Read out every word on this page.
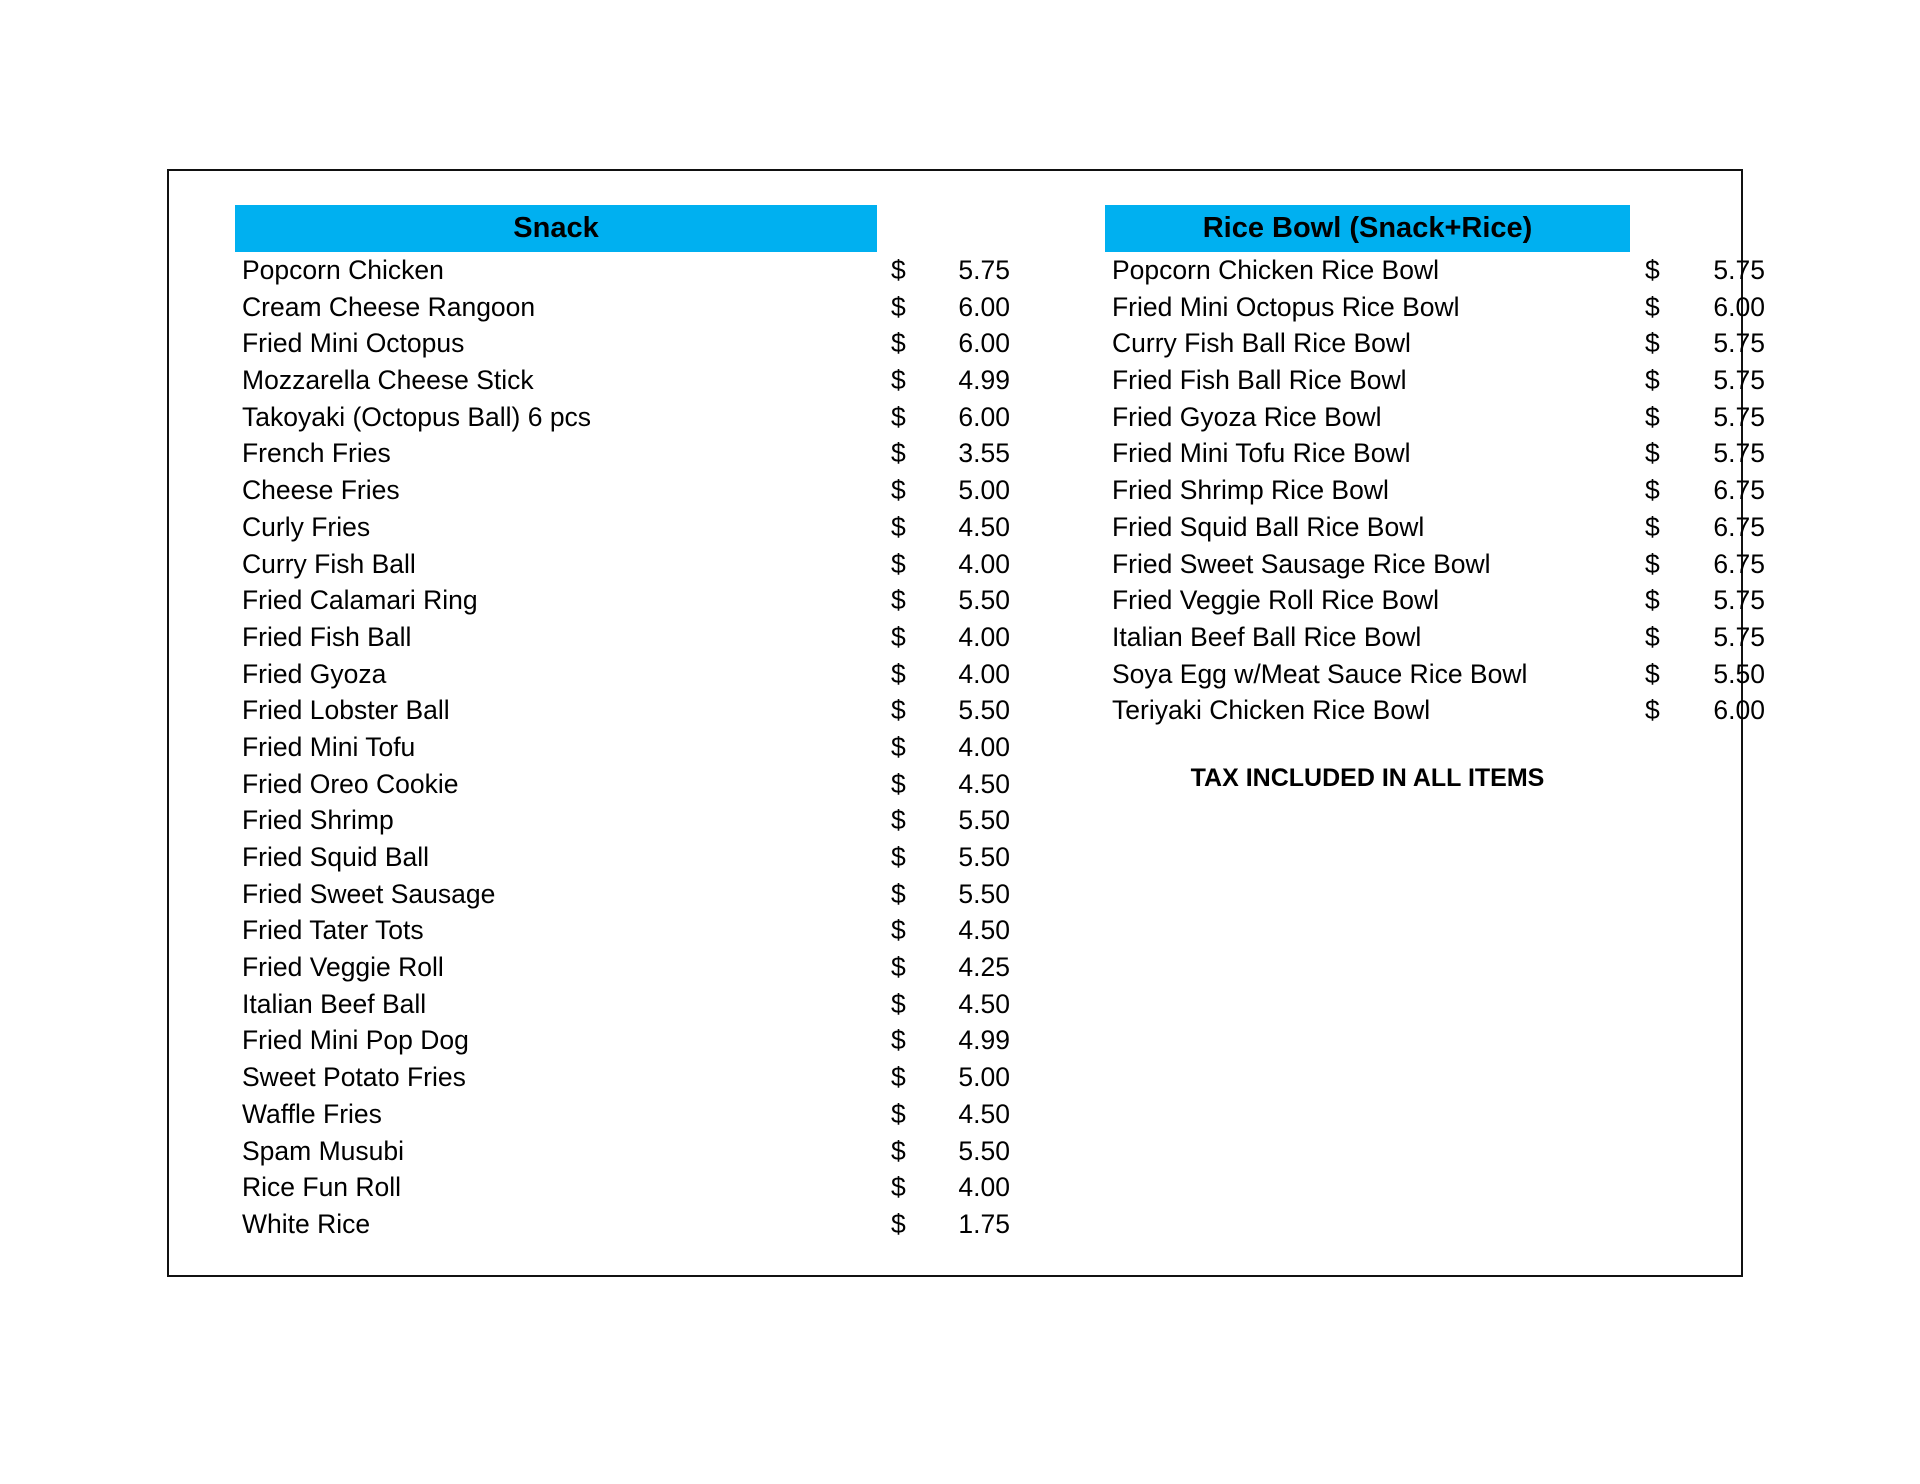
Snack
Popcorn Chicken	$	5.75
Cream Cheese Rangoon	$	6.00
Fried Mini Octopus	$	6.00
Mozzarella Cheese Stick	$	4.99
Takoyaki (Octopus Ball) 6 pcs	$	6.00
French Fries	$	3.55
Cheese Fries	$	5.00
Curly Fries	$	4.50
Curry Fish Ball	$	4.00
Fried Calamari Ring	$	5.50
Fried Fish Ball	$	4.00
Fried Gyoza	$	4.00
Fried Lobster Ball	$	5.50
Fried Mini Tofu	$	4.00
Fried Oreo Cookie	$	4.50
Fried Shrimp	$	5.50
Fried Squid Ball	$	5.50
Fried Sweet Sausage	$	5.50
Fried Tater Tots	$	4.50
Fried Veggie Roll	$	4.25
Italian Beef Ball	$	4.50
Fried Mini Pop Dog	$	4.99
Sweet Potato Fries	$	5.00
Waffle Fries	$	4.50
Spam Musubi	$	5.50
Rice Fun Roll	$	4.00
White Rice	$	1.75
Rice Bowl (Snack+Rice)
Popcorn Chicken Rice Bowl	$	5.75
Fried Mini Octopus Rice Bowl	$	6.00
Curry Fish Ball Rice Bowl	$	5.75
Fried Fish Ball Rice Bowl	$	5.75
Fried Gyoza Rice Bowl	$	5.75
Fried Mini Tofu Rice Bowl	$	5.75
Fried Shrimp Rice Bowl	$	6.75
Fried Squid Ball Rice Bowl	$	6.75
Fried Sweet Sausage Rice Bowl	$	6.75
Fried Veggie Roll Rice Bowl	$	5.75
Italian Beef Ball Rice Bowl	$	5.75
Soya Egg w/Meat Sauce Rice Bowl	$	5.50
Teriyaki Chicken Rice Bowl	$	6.00
TAX INCLUDED IN ALL ITEMS
